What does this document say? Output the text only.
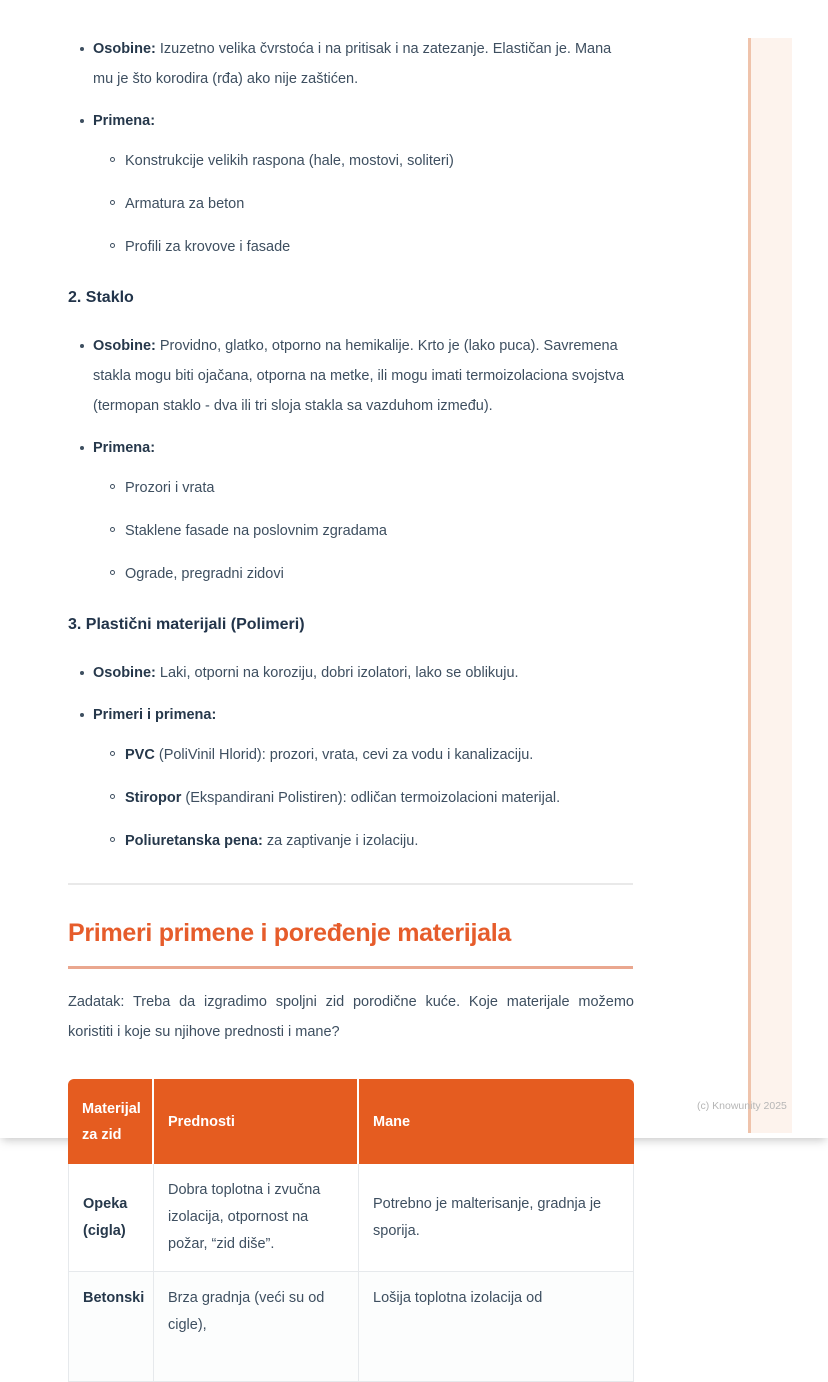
Osobine: Izuzetno velika čvrstoća i na pritisak i na zatezanje. Elastičan je. Mana mu je što korodira (rđa) ako nije zaštićen.
Primena:
Konstrukcije velikih raspona (hale, mostovi, soliteri)
Armatura za beton
Profili za krovove i fasade
2. Staklo
Osobine: Providno, glatko, otporno na hemikalije. Krto je (lako puca). Savremena stakla mogu biti ojačana, otporna na metke, ili mogu imati termoizolaciona svojstva (termopan staklo - dva ili tri sloja stakla sa vazduhom između).
Primena:
Prozori i vrata
Staklene fasade na poslovnim zgradama
Ograde, pregradni zidovi
3. Plastični materijali (Polimeri)
Osobine: Laki, otporni na koroziju, dobri izolatori, lako se oblikuju.
Primeri i primena:
PVC (PoliVinil Hlorid): prozori, vrata, cevi za vodu i kanalizaciju.
Stiropor (Ekspandirani Polistiren): odličan termoizolacioni materijal.
Poliuretanska pena: za zaptivanje i izolaciju.
Primeri primene i poređenje materijala

Zadatak: Treba da izgradimo spoljni zid porodične kuće. Koje materijale možemo koristiti i koje su njihove prednosti i mane?

Materijal za zid	Prednosti	Mane
Opeka (cigla)	Dobra toplotna i zvučna izolacija, otpornost na požar, “zid diše”.	Potrebno je malterisanje, gradnja je sporija.
Betonski	Brza gradnja (veći su od cigle),	Lošija toplotna izolacija od
(c) Knowunity 2025
